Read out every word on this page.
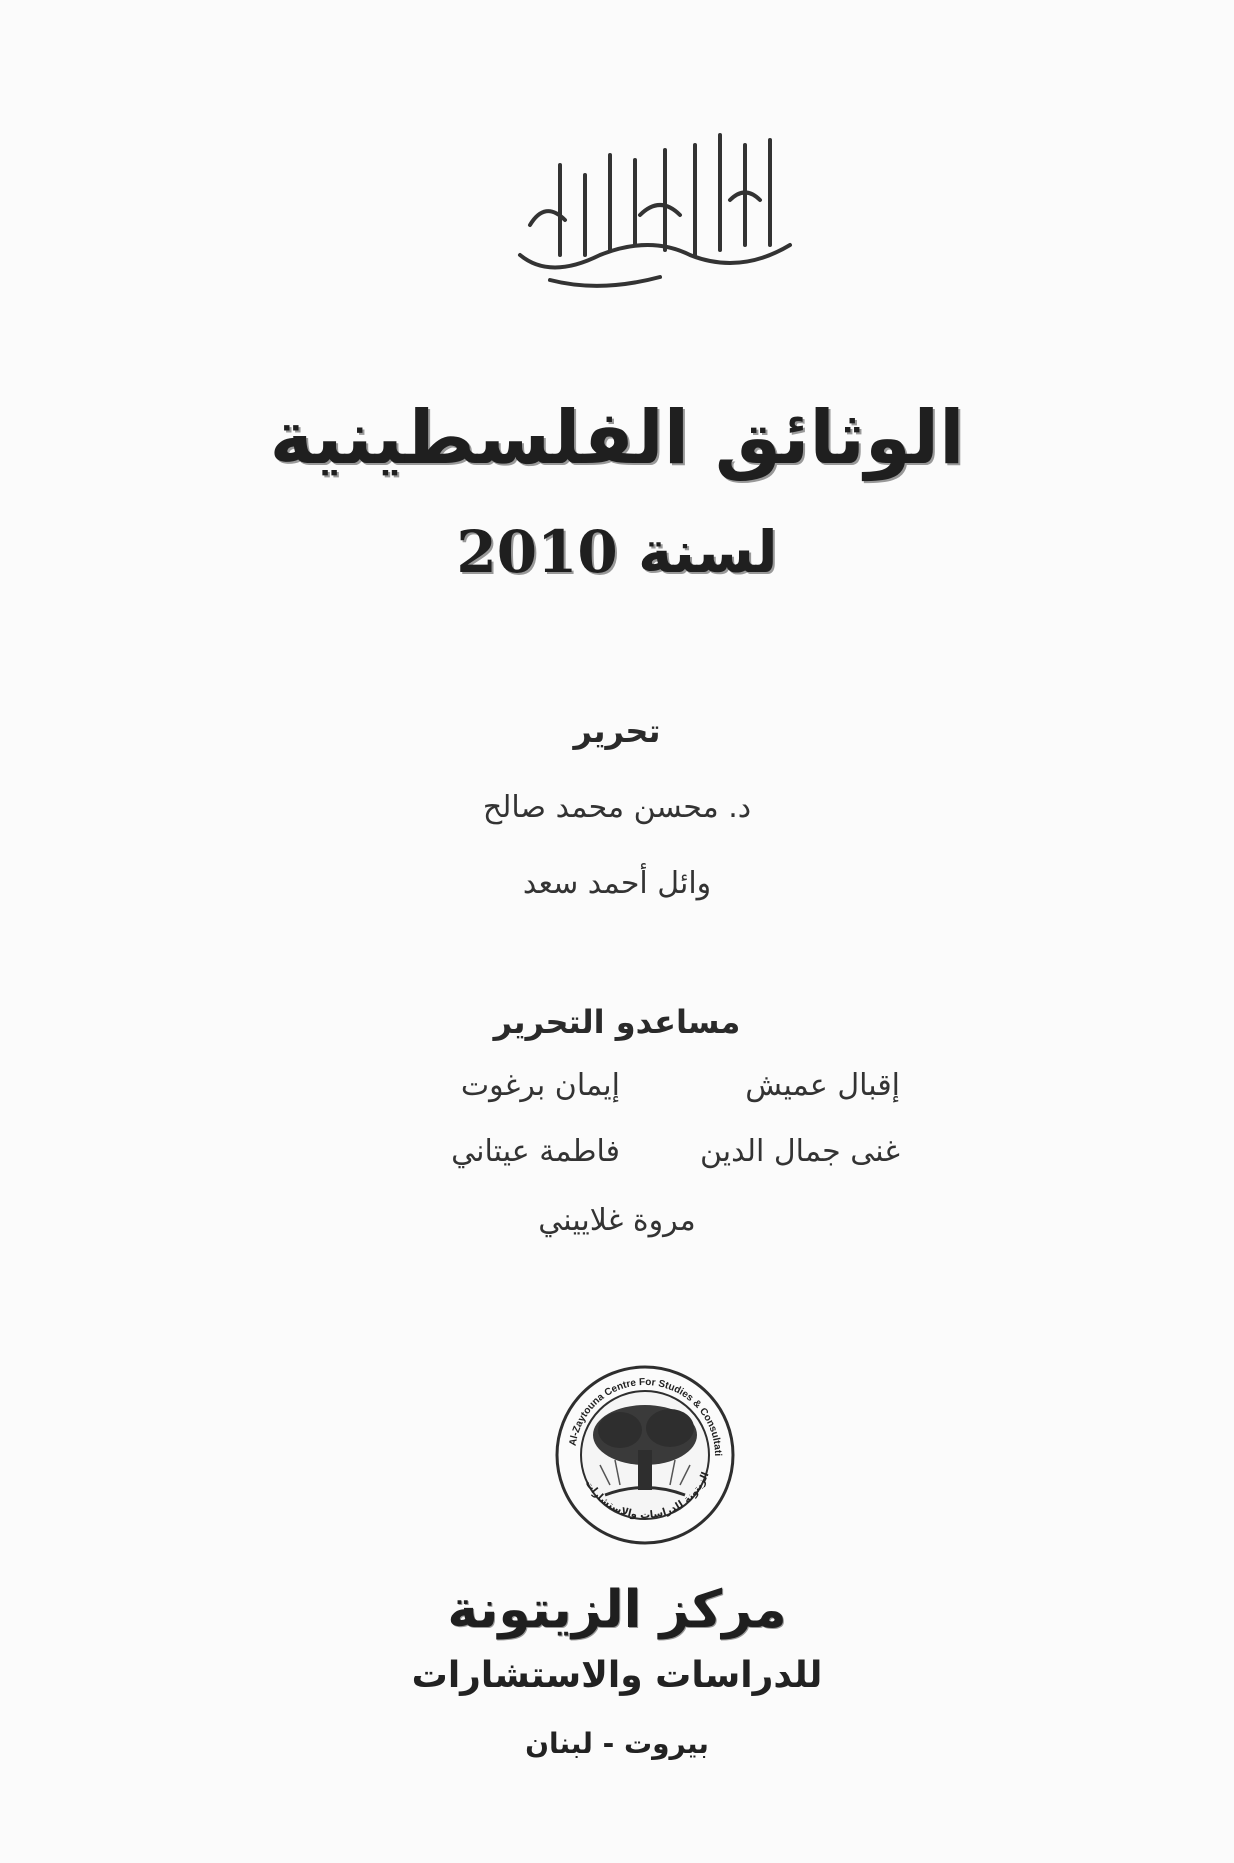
الوثائق الفلسطينية
لسنة 2010
تحرير
د. محسن محمد صالح
وائل أحمد سعد
مساعدو التحرير
إقبال عميش
إيمان برغوت
غنى جمال الدين
فاطمة عيتاني
مروة غلاييني
Al-Zaytouna Centre For Studies & Consultati
الزيتونة للدراسات والاستشارات
مركز الزيتونة
للدراسات والاستشارات
بيروت - لبنان
